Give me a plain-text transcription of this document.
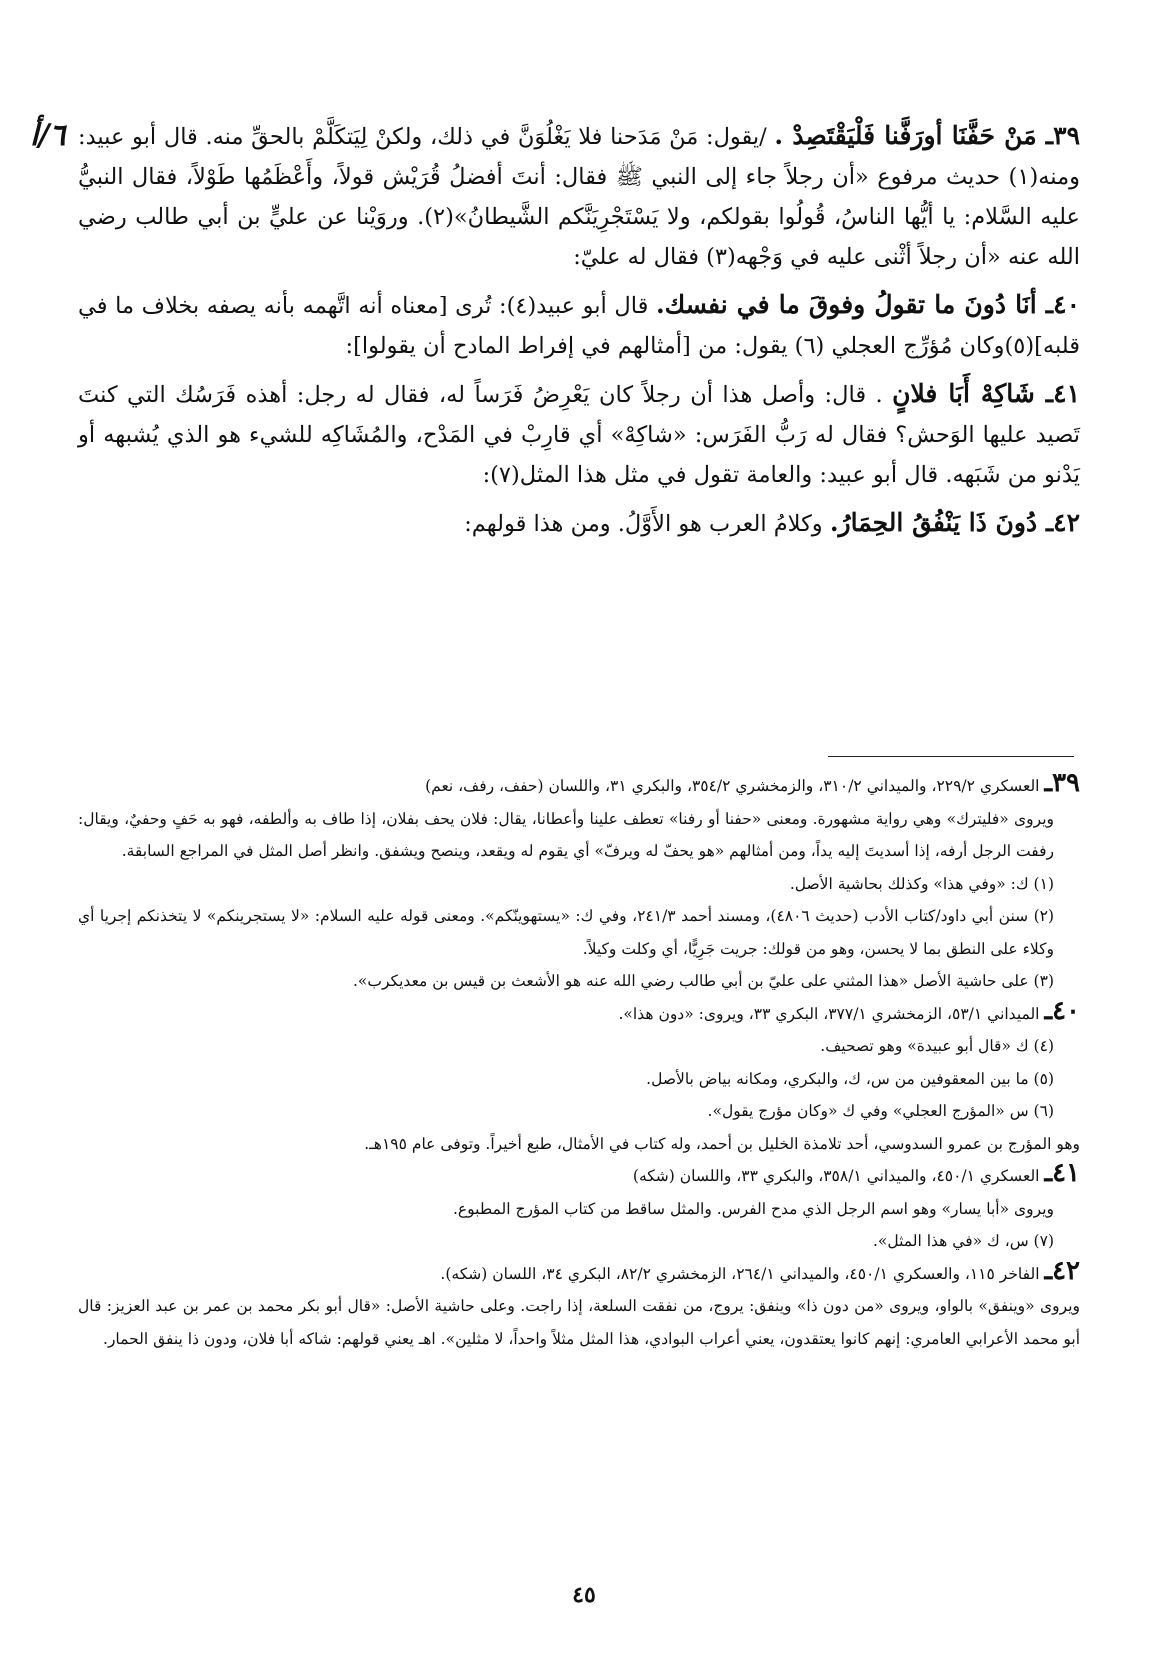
٦/أ	٣٩ـ مَنْ حَفَّنَا أورَفَّنا فَلْيَقْتَصِدْ . /يقول: مَنْ مَدَحنا فلا يَغْلُوَنَّ في ذلك، ولكنْ لِيَتكَلَّمْ بالحقِّ منه. قال أبو عبيد: ومنه(١) حديث مرفوع «أن رجلاً جاء إلى النبي ﷺ فقال: أنتَ أفضلُ قُرَيْش قولاً، وأَعْظَمُها طَوْلاً، فقال النبيُّ عليه السَّلام: يا أيُّها الناسُ، قُولُوا بقولكم، ولا يَسْتَجْرِيَنَّكم الشَّيطانُ»(٢). وروَيْنا عن عليٍّ بن أبي طالب رضي الله عنه «أن رجلاً أثْنى عليه في وَجْهه(٣) فقال له عليّ:

٤٠ـ أنَا دُونَ ما تقولُ وفوقَ ما في نفسك. قال أبو عبيد(٤): تُرى [معناه أنه اتَّهمه بأنه يصفه بخلاف ما في قلبه](٥)وكان مُؤرِّج العجلي (٦) يقول: من [أمثالهم في إفراط المادح أن يقولوا]:

٤١ـ شَاكِهْ أَبَا فلانٍ . قال: وأصل هذا أن رجلاً كان يَعْرِضُ فَرَساً له، فقال له رجل: أهذه فَرَسُك التي كنتَ تَصيد عليها الوَحش؟ فقال له رَبُّ الفَرَس: «شاكِهْ» أي قارِبْ في المَدْح، والمُشَاكِه للشيء هو الذي يُشبهه أو يَدْنو من شَبَهه. قال أبو عبيد: والعامة تقول في مثل هذا المثل(٧):

٤٢ـ دُونَ ذَا يَنْفُقُ الحِمَارُ. وكلامُ العرب هو الأَوَّلُ. ومن هذا قولهم:

٣٩ـ العسكري ٢٢٩/٢، والميداني ٣١٠/٢، والزمخشري ٣٥٤/٢، والبكري ٣١، واللسان (حفف، رفف، نعم)

ويروى «فليترك» وهي رواية مشهورة. ومعنى «حفنا أو رفنا» تعطف علينا وأعطانا، يقال: فلان يحف بفلان، إذا طاف به وألطفه، فهو به حَفٍ وحفيٌ، ويقال: رففت الرجل أرفه، إذا أسديتَ إليه يداً، ومن أمثالهم «هو يحفّ له ويرفّ» أي يقوم له ويقعد، وينصح ويشفق. وانظر أصل المثل في المراجع السابقة.

(١) ك: «وفي هذا» وكذلك بحاشية الأصل.

(٢) سنن أبي داود/كتاب الأدب (حديث ٤٨٠٦)، ومسند أحمد ٢٤١/٣، وفي ك: «يستهوينّكم». ومعنى قوله عليه السلام: «لا يستجرينكم» لا يتخذنكم إجريا أي وكلاء على النطق بما لا يحسن، وهو من قولك: جريت جَرِيًّا، أي وكلت وكيلاً.

(٣) على حاشية الأصل «هذا المثني على عليّ بن أبي طالب رضي الله عنه هو الأشعث بن قيس بن معديكرب».

٤٠ـ الميداني ٥٣/١، الزمخشري ٣٧٧/١، البكري ٣٣، ويروى: «دون هذا».

(٤) ك «قال أبو عبيدة» وهو تصحيف.

(٥) ما بين المعقوفين من س، ك، والبكري، ومكانه بياض بالأصل.

(٦) س «المؤرج العجلي» وفي ك «وكان مؤرج يقول».

وهو المؤرج بن عمرو السدوسي، أحد تلامذة الخليل بن أحمد، وله كتاب في الأمثال، طبع أخيراً. وتوفى عام ١٩٥هـ.

٤١ـ العسكري ٤٥٠/١، والميداني ٣٥٨/١، والبكري ٣٣، واللسان (شكه)

ويروى «أبا يسار» وهو اسم الرجل الذي مدح الفرس. والمثل ساقط من كتاب المؤرج المطبوع.

(٧) س، ك «في هذا المثل».

٤٢ـ الفاخر ١١٥، والعسكري ٤٥٠/١، والميداني ٢٦٤/١، الزمخشري ٨٢/٢، البكري ٣٤، اللسان (شكه).

ويروى «وينفق» بالواو، ويروى «من دون ذا» وينفق: يروج، من نفقت السلعة، إذا راجت. وعلى حاشية الأصل: «قال أبو بكر محمد بن عمر بن عبد العزيز: قال أبو محمد الأعرابي العامري: إنهم كانوا يعتقدون، يعني أعراب البوادي، هذا المثل مثلاً واحداً، لا مثلين». اهـ يعني قولهم: شاكه أبا فلان، ودون ذا ينفق الحمار.

٤٥
